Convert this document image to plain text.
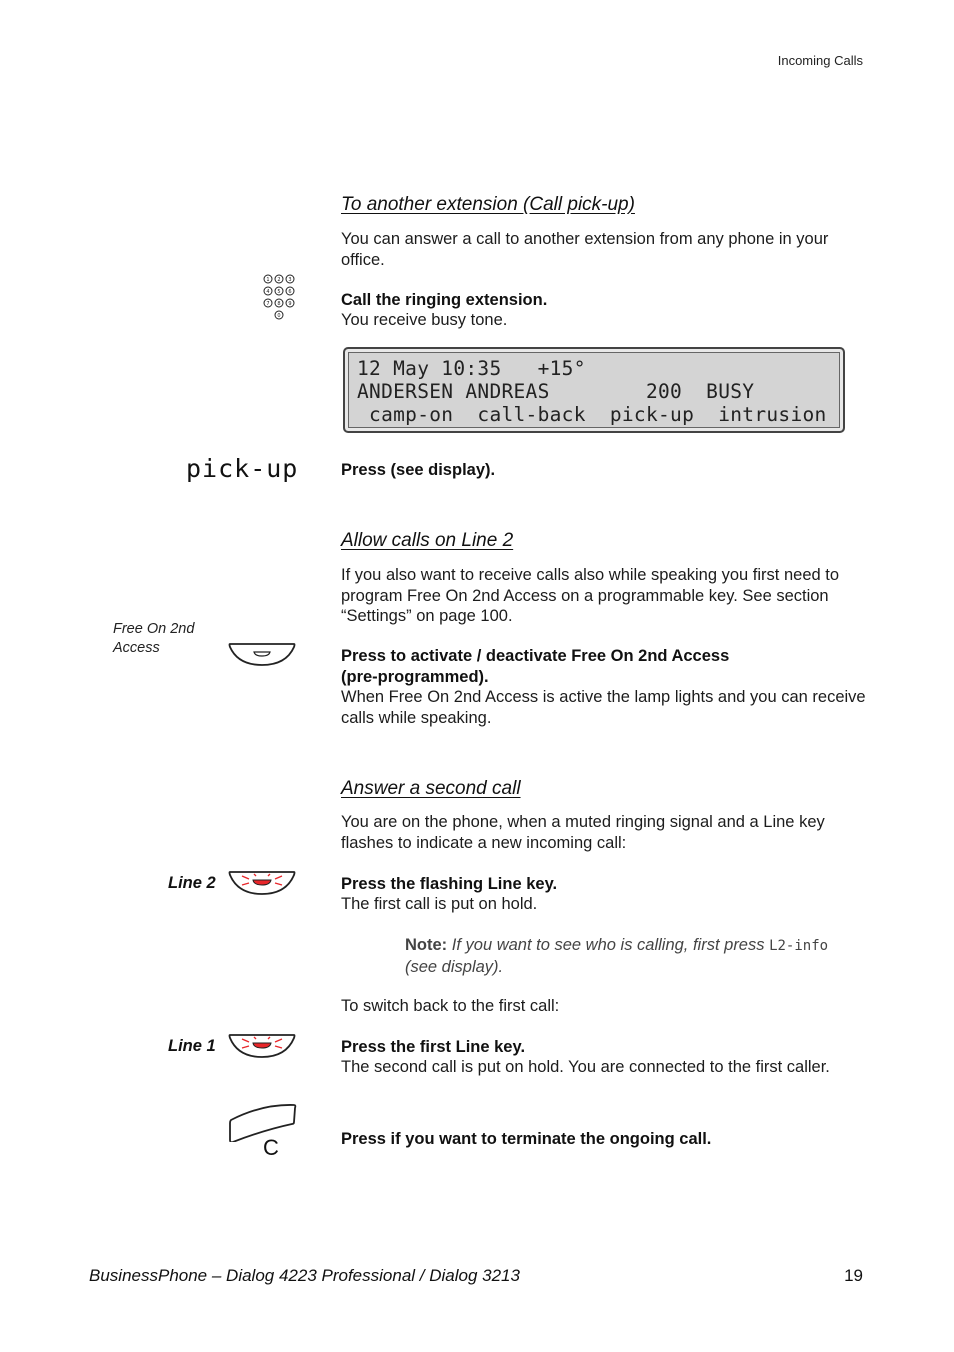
Incoming Calls
To another extension (Call pick-up)
You can answer a call to another extension from any phone in your office.
1 2 3
4 5 6
7 8 9
0
Call the ringing extension.
You receive busy tone.
12 May 10:35   +15°
ANDERSEN ANDREAS        200  BUSY
camp-on  call-back  pick-up  intrusion
pick-up	Press (see display).
Allow calls on Line 2
If you also want to receive calls also while speaking you first need to program Free On 2nd Access on a programmable key. See section “Settings” on page 100.
Free On 2nd
Access	Press to activate / deactivate Free On 2nd Access
(pre-programmed).
When Free On 2nd Access is active the lamp lights and you can receive calls while speaking.
Answer a second call
You are on the phone, when a muted ringing signal and a Line key flashes to indicate a new incoming call:
Line 2	Press the flashing Line key.
The first call is put on hold.
Note: If you want to see who is calling, first press L2-info
(see display).
To switch back to the first call:
Line 1	Press the first Line key.
The second call is put on hold. You are connected to the first caller.
C	Press if you want to terminate the ongoing call.
BusinessPhone – Dialog 4223 Professional / Dialog 3213	19
